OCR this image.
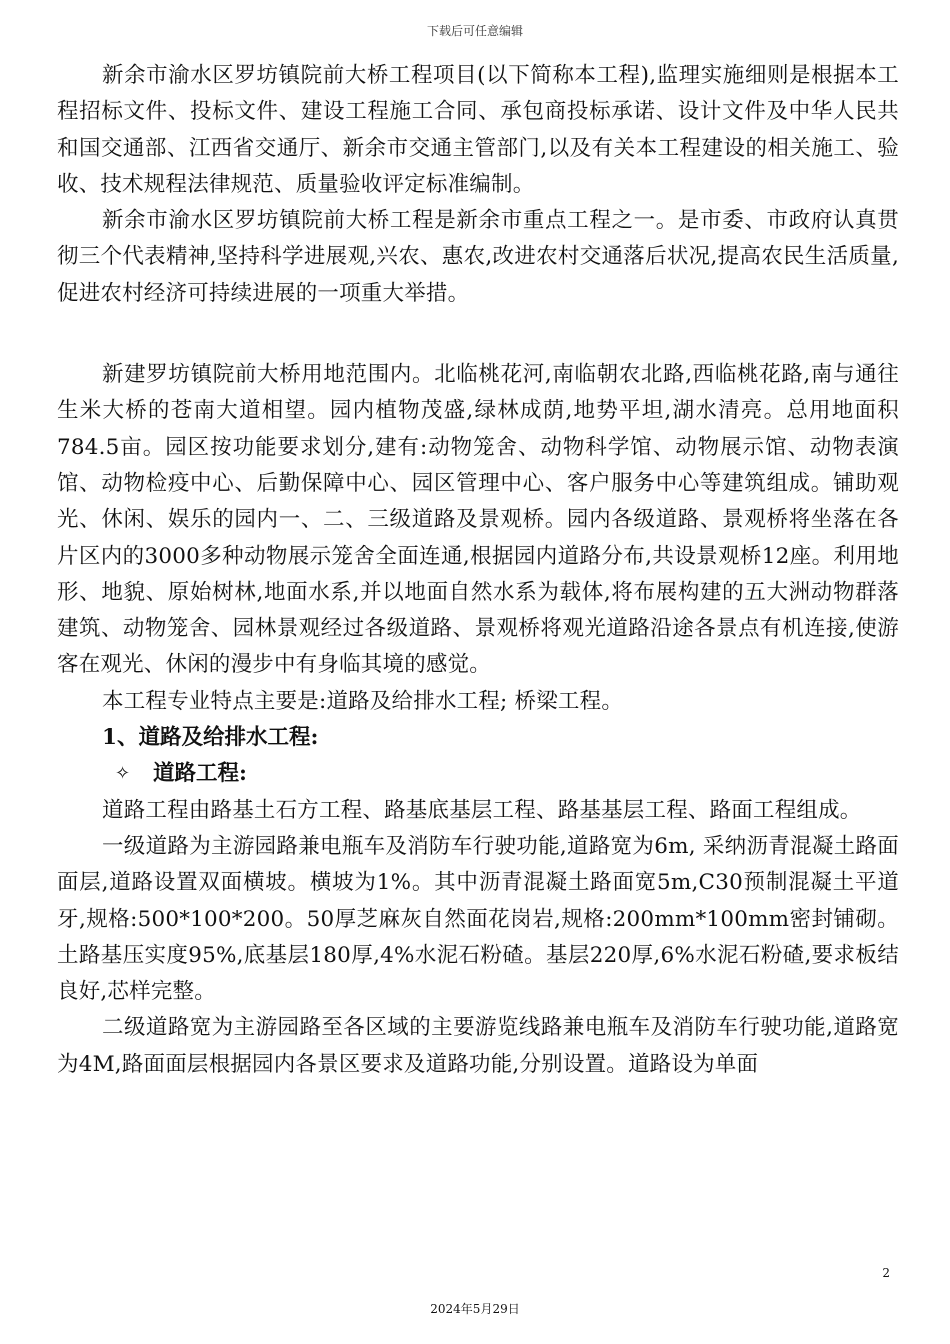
下载后可任意编辑

新余市渝水区罗坊镇院前大桥工程项目(以下简称本工程),监理实施细则是根据本工程招标文件、投标文件、建设工程施工合同、承包商投标承诺、设计文件及中华人民共和国交通部、江西省交通厅、新余市交通主管部门,以及有关本工程建设的相关施工、验收、技术规程法律规范、质量验收评定标准编制。

新余市渝水区罗坊镇院前大桥工程是新余市重点工程之一。是市委、市政府认真贯彻三个代表精神,坚持科学进展观,兴农、惠农,改进农村交通落后状况,提高农民生活质量,促进农村经济可持续进展的一项重大举措。

新建罗坊镇院前大桥用地范围内。北临桃花河,南临朝农北路,西临桃花路,南与通往生米大桥的苍南大道相望。园内植物茂盛,绿林成荫,地势平坦,湖水清亮。总用地面积784.5亩。园区按功能要求划分,建有:动物笼舍、动物科学馆、动物展示馆、动物表演馆、动物检疫中心、后勤保障中心、园区管理中心、客户服务中心等建筑组成。铺助观光、休闲、娱乐的园内一、二、三级道路及景观桥。园内各级道路、景观桥将坐落在各片区内的3000多种动物展示笼舍全面连通,根据园内道路分布,共设景观桥12座。利用地形、地貌、原始树林,地面水系,并以地面自然水系为载体,将布展构建的五大洲动物群落建筑、动物笼舍、园林景观经过各级道路、景观桥将观光道路沿途各景点有机连接,使游客在观光、休闲的漫步中有身临其境的感觉。

本工程专业特点主要是:道路及给排水工程; 桥梁工程。

1、道路及给排水工程:

✧	道路工程:

道路工程由路基土石方工程、路基底基层工程、路基基层工程、路面工程组成。

一级道路为主游园路兼电瓶车及消防车行驶功能,道路宽为6m, 采纳沥青混凝土路面面层,道路设置双面横坡。横坡为1%。其中沥青混凝土路面宽5m,C30预制混凝土平道牙,规格:500*100*200。50厚芝麻灰自然面花岗岩,规格:200mm*100mm密封铺砌。土路基压实度95%,底基层180厚,4%水泥石粉碴。基层220厚,6%水泥石粉碴,要求板结良好,芯样完整。

二级道路宽为主游园路至各区域的主要游览线路兼电瓶车及消防车行驶功能,道路宽为4M,路面面层根据园内各景区要求及道路功能,分别设置。道路设为单面

2
2024年5月29日
